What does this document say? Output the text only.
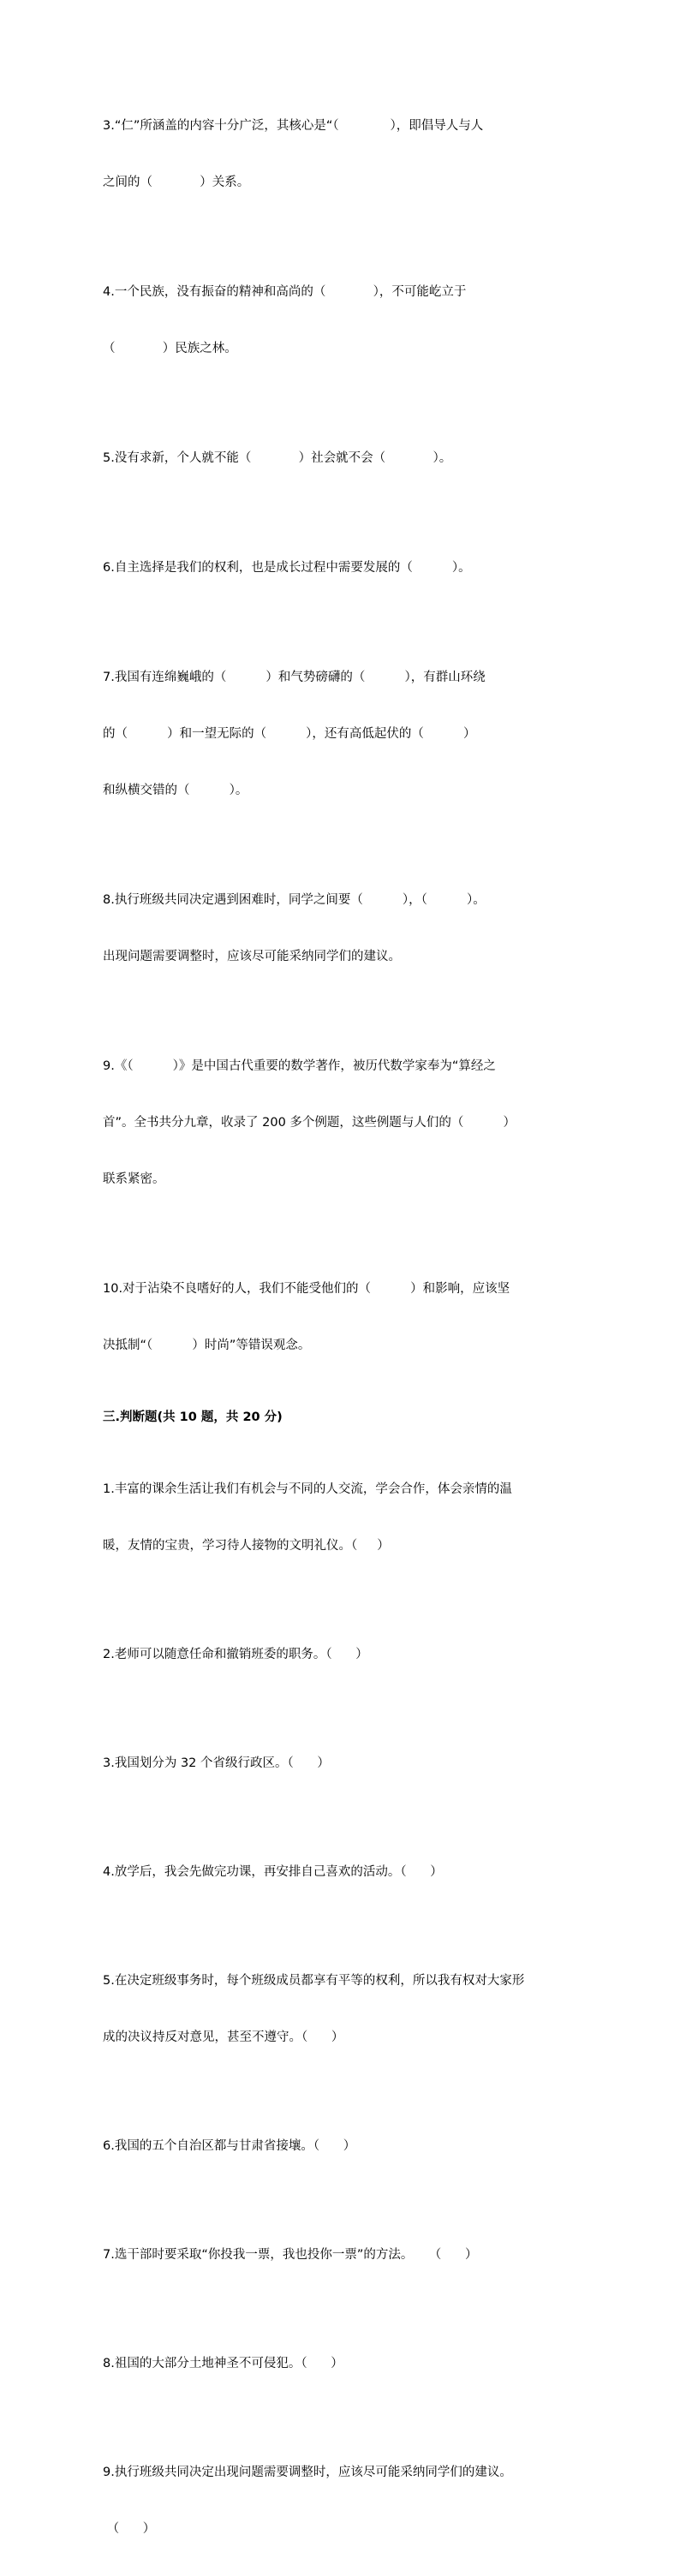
3.“仁”所涵盖的内容十分广泛，其核心是“（             ），即倡导人与人

之间的（            ）关系。

4.一个民族，没有振奋的精神和高尚的（            ），不可能屹立于

（            ）民族之林。

5.没有求新，个人就不能（            ）社会就不会（            ）。

6.自主选择是我们的权利，也是成长过程中需要发展的（          ）。

7.我国有连绵巍峨的（          ）和气势磅礴的（          ），有群山环绕

的（          ）和一望无际的（          ），还有高低起伏的（          ）

和纵横交错的（          ）。

8.执行班级共同决定遇到困难时，同学之间要（          ），（          ）。

出现问题需要调整时，应该尽可能采纳同学们的建议。

9.《（          ）》是中国古代重要的数学著作，被历代数学家奉为“算经之

首”。全书共分九章，收录了 200 多个例题，这些例题与人们的（          ）

联系紧密。

10.对于沾染不良嗜好的人，我们不能受他们的（          ）和影响，应该坚

决抵制“（          ）时尚”等错误观念。

三.判断题(共 10 题，共 20 分)

1.丰富的课余生活让我们有机会与不同的人交流，学会合作，体会亲情的温

暖，友情的宝贵，学习待人接物的文明礼仪。（     ）

2.老师可以随意任命和撤销班委的职务。（      ）

3.我国划分为 32 个省级行政区。（      ）

4.放学后，我会先做完功课，再安排自己喜欢的活动。（      ）

5.在决定班级事务时，每个班级成员都享有平等的权利，所以我有权对大家形

成的决议持反对意见，甚至不遵守。（      ）

6.我国的五个自治区都与甘肃省接壤。（      ）

7.选干部时要采取“你投我一票，我也投你一票”的方法。    （      ）

8.祖国的大部分土地神圣不可侵犯。（      ）

9.执行班级共同决定出现问题需要调整时，应该尽可能采纳同学们的建议。

（      ）
